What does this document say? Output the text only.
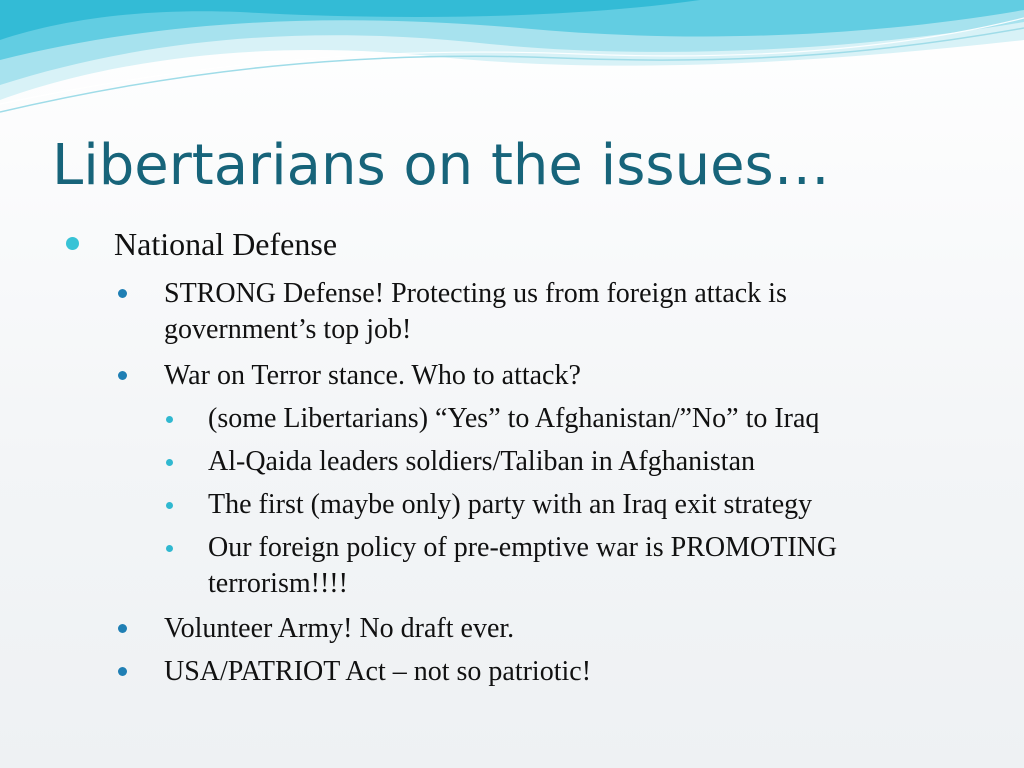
Libertarians on the issues…
National Defense
STRONG Defense! Protecting us from foreign attack is government’s top job!
War on Terror stance. Who to attack?
(some Libertarians) “Yes” to Afghanistan/”No” to Iraq
Al-Qaida leaders soldiers/Taliban in Afghanistan
The first (maybe only) party with an Iraq exit strategy
Our foreign policy of pre-emptive war is PROMOTING terrorism!!!!
Volunteer Army! No draft ever.
USA/PATRIOT Act – not so patriotic!
